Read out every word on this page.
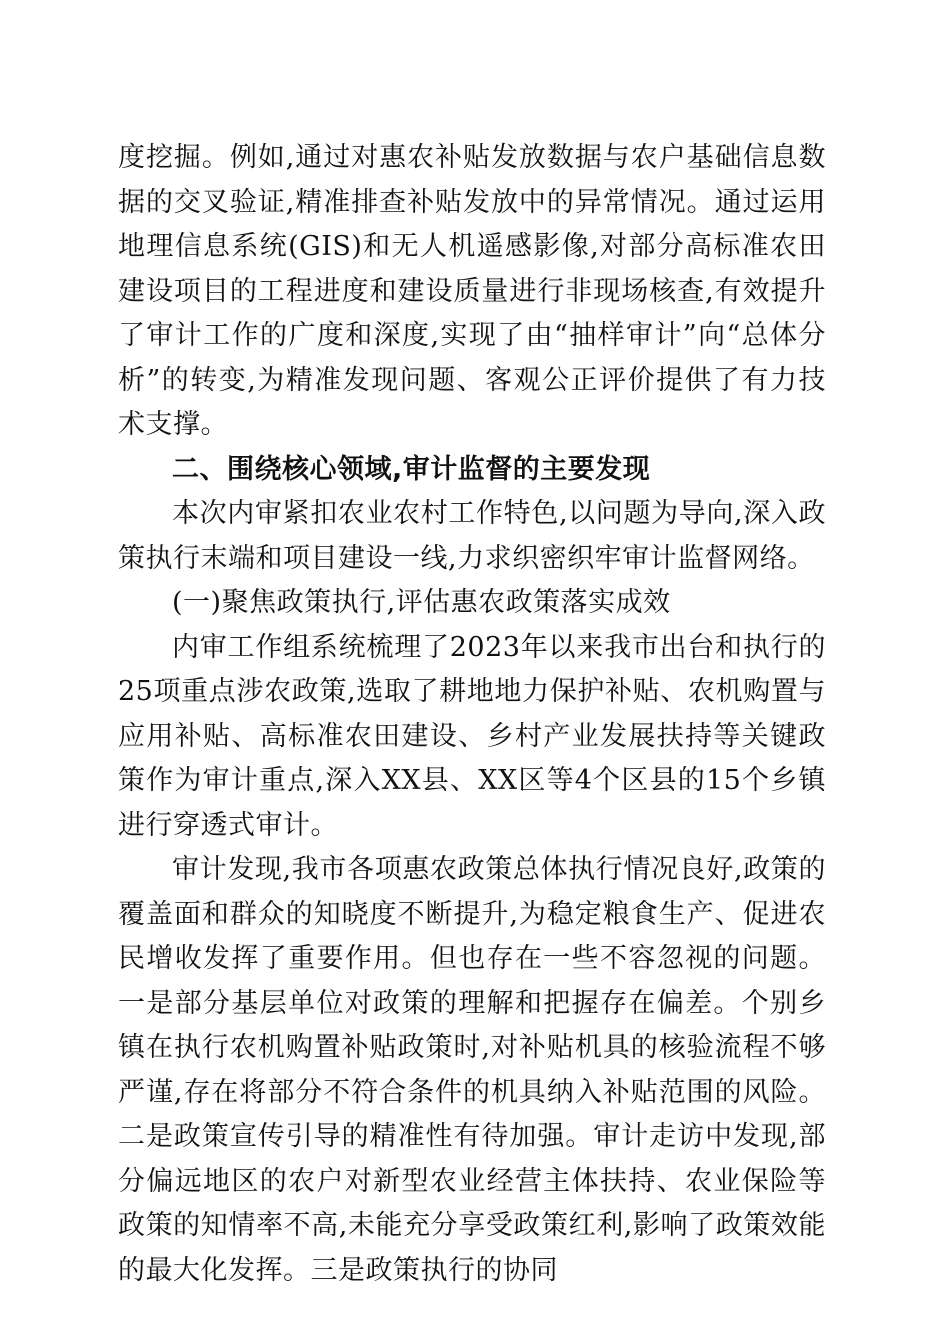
度挖掘。例如,通过对惠农补贴发放数据与农户基础信息数据的交叉验证,精准排查补贴发放中的异常情况。通过运用地理信息系统(GIS)和无人机遥感影像,对部分高标准农田建设项目的工程进度和建设质量进行非现场核查,有效提升了审计工作的广度和深度,实现了由“抽样审计”向“总体分析”的转变,为精准发现问题、客观公正评价提供了有力技术支撑。

二、围绕核心领域,审计监督的主要发现

本次内审紧扣农业农村工作特色,以问题为导向,深入政策执行末端和项目建设一线,力求织密织牢审计监督网络。

(一)聚焦政策执行,评估惠农政策落实成效

内审工作组系统梳理了2023年以来我市出台和执行的25项重点涉农政策,选取了耕地地力保护补贴、农机购置与应用补贴、高标准农田建设、乡村产业发展扶持等关键政策作为审计重点,深入XX县、XX区等4个区县的15个乡镇进行穿透式审计。

审计发现,我市各项惠农政策总体执行情况良好,政策的覆盖面和群众的知晓度不断提升,为稳定粮食生产、促进农民增收发挥了重要作用。但也存在一些不容忽视的问题。一是部分基层单位对政策的理解和把握存在偏差。个别乡镇在执行农机购置补贴政策时,对补贴机具的核验流程不够严谨,存在将部分不符合条件的机具纳入补贴范围的风险。二是政策宣传引导的精准性有待加强。审计走访中发现,部分偏远地区的农户对新型农业经营主体扶持、农业保险等政策的知情率不高,未能充分享受政策红利,影响了政策效能的最大化发挥。三是政策执行的协同
